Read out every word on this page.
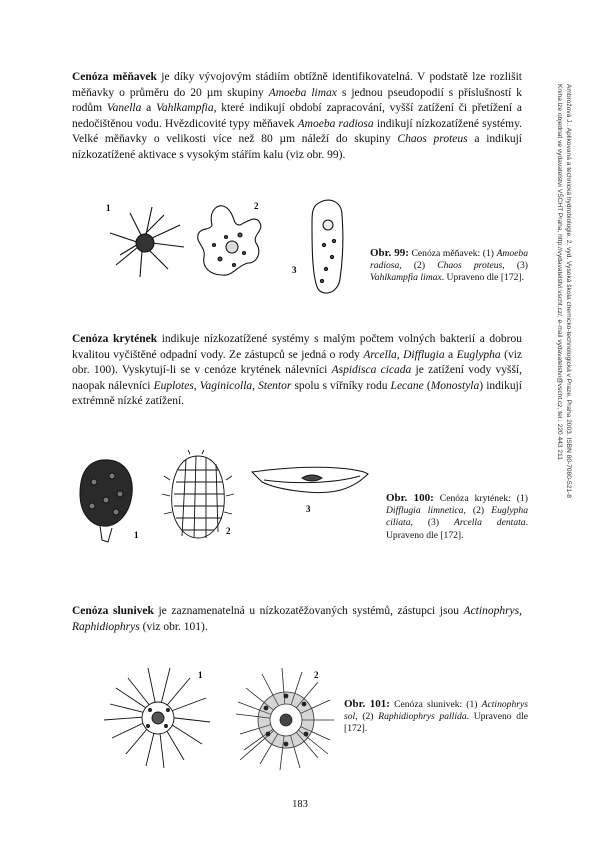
Ambrožová J.: Aplikovaná a technická hydrobiologie. 2. vyd. Vysoká škola chemicko-technologická v Praze, Praha 2003. ISBN 80-7080-521-8
Kniha lze objednat ve vydavatelství VŠCHT Praha, http://vydavatelstvi.vscht.cz/, e-mail vydavatelstvi@vscht.cz, tel.: 220 443 211

Cenóza měňavek je díky vývojovým stádiím obtížně identifikovatelná. V podstatě lze rozlišit měňavky o průměru do 20 µm skupiny Amoeba limax s jednou pseudopodií s příslušností k rodům Vanella a Vahlkampfia, které indikují období zapracování, vyšší zatížení či přetížení a nedočištěnou vodu. Hvězdicovité typy měňavek Amoeba radiosa indikují nízkozatížené systémy. Velké měňavky o velikosti více než 80 µm náleží do skupiny Chaos proteus a indikují nízkozatížené aktivace s vysokým stářím kalu (viz obr. 99).

1	2
3

Obr. 99: Cenóza měňavek: (1) Amoeba radiosa, (2) Chaos proteus, (3) Vahlkampfia limax. Upraveno dle [172].

Cenóza krytének indikuje nízkozatížené systémy s malým počtem volných bakterií a dobrou kvalitou vyčištěné odpadní vody. Ze zástupců se jedná o rody Arcella, Difflugia a Euglypha (viz obr. 100). Vyskytují-li se v cenóze krytének nálevníci Aspidisca cicada je zatížení vody vyšší, naopak nálevníci Euplotes, Vaginicolla, Stentor spolu s vířníky rodu Lecane (Monostyla) indikují extrémně nízké zatížení.

1	2
3

Obr. 100: Cenóza krytének: (1) Difflugia limnetica, (2) Euglypha ciliata, (3) Arcella dentata. Upraveno dle [172].

Cenóza slunivek je zaznamenatelná u nízkozatěžovaných systémů, zástupci jsou Actinophrys, Raphidiophrys (viz obr. 101).

1	2

Obr. 101: Cenóza slunivek: (1) Actinophrys sol, (2) Raphidiophrys pallida. Upraveno dle [172].

183
